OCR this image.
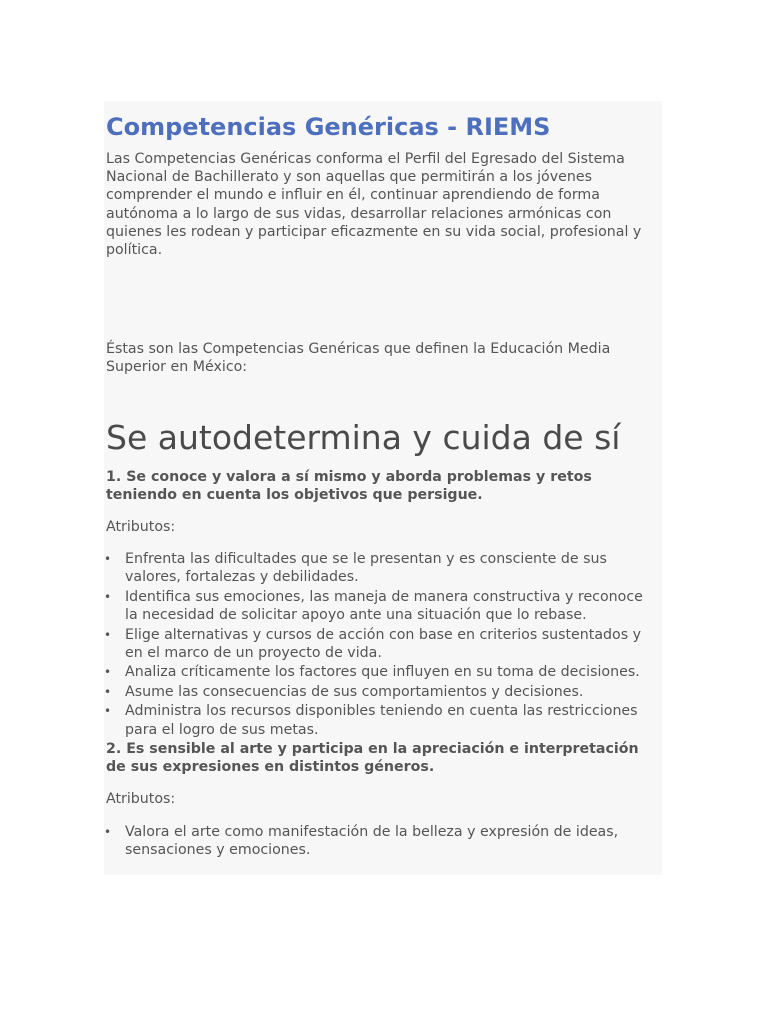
Competencias Genéricas - RIEMS

Las Competencias Genéricas conforma el Perfil del Egresado del Sistema Nacional de Bachillerato y son aquellas que permitirán a los jóvenes comprender el mundo e influir en él, continuar aprendiendo de forma autónoma a lo largo de sus vidas, desarrollar relaciones armónicas con quienes les rodean y participar eficazmente en su vida social, profesional y política.

Éstas son las Competencias Genéricas que definen la Educación Media Superior en México:

Se autodetermina y cuida de sí

1. Se conoce y valora a sí mismo y aborda problemas y retos teniendo en cuenta los objetivos que persigue.

Atributos:

• Enfrenta las dificultades que se le presentan y es consciente de sus valores, fortalezas y debilidades.
• Identifica sus emociones, las maneja de manera constructiva y reconoce la necesidad de solicitar apoyo ante una situación que lo rebase.
• Elige alternativas y cursos de acción con base en criterios sustentados y en el marco de un proyecto de vida.
• Analiza críticamente los factores que influyen en su toma de decisiones.
• Asume las consecuencias de sus comportamientos y decisiones.
• Administra los recursos disponibles teniendo en cuenta las restricciones para el logro de sus metas.

2. Es sensible al arte y participa en la apreciación e interpretación de sus expresiones en distintos géneros.

Atributos:

• Valora el arte como manifestación de la belleza y expresión de ideas, sensaciones y emociones.
